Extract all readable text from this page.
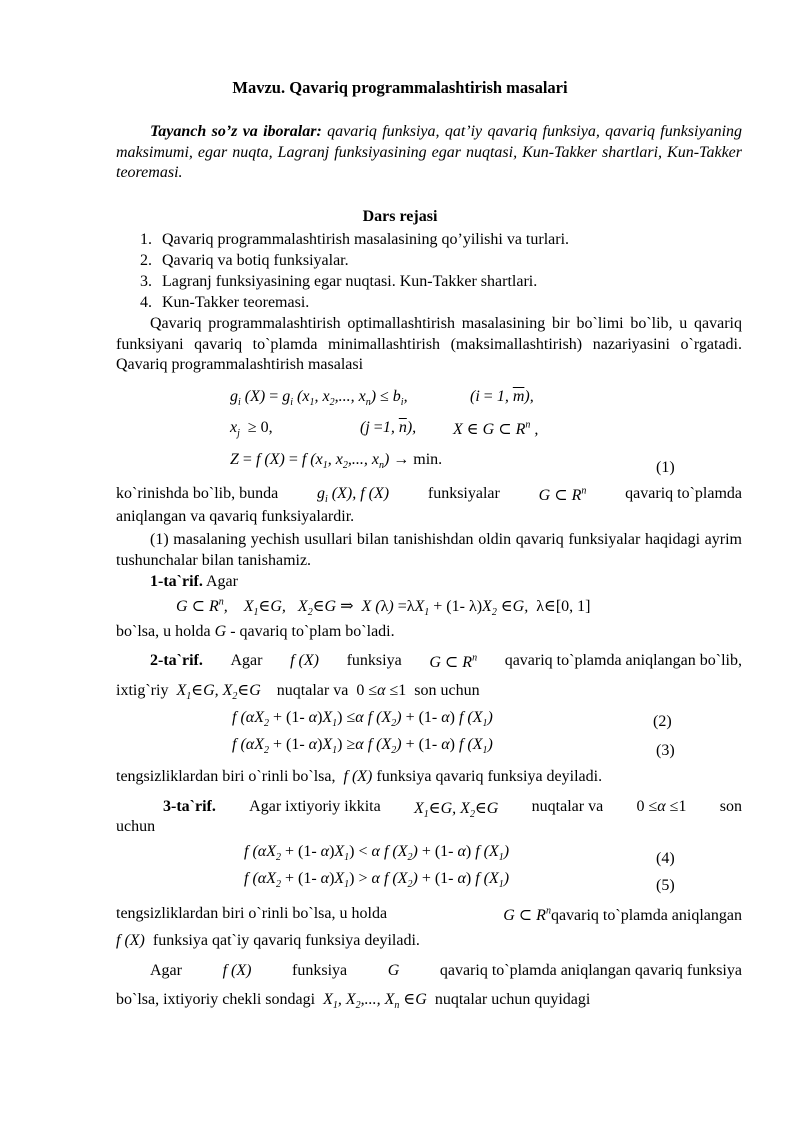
Mavzu. Qavariq programmalashtirish masalari
Tayanch so’z va iboralar: qavariq funksiya, qat’iy qavariq funksiya, qavariq funksiyaning maksimumi, egar nuqta, Lagranj funksiyasining egar nuqtasi, Kun-Takker shartlari, Kun-Takker teoremasi.
Dars rejasi
1. Qavariq programmalashtirish masalasining qo’yilishi va turlari.
2. Qavariq va botiq funksiyalar.
3. Lagranj funksiyasining egar nuqtasi. Kun-Takker shartlari.
4. Kun-Takker teoremasi.
Qavariq programmalashtirish optimallashtirish masalasining bir bo`limi bo`lib, u qavariq funksiyani qavariq to`plamda minimallashtirish (maksimallashtirish) nazariyasini o`rgatadi. Qavariq programmalashtirish masalasi
$g_i$ $(X) = g_i$ ($x_1$, $x_2$,..., $x_n) \le b_i$,	(i = 1, $\overline{m}$),
$x_j \ge 0$,	(j =1, $\overline{n}$), X ∈ G ⊂ $R^n$ ,
Z = f (X) = f ($x_1$, $x_2$,..., $x_n) \to \min$.	(1)
ko`rinishda bo`lib, bunda $g_i$ (X), f (X) funksiyalar G ⊂ $R^n$ qavariq to`plamda
aniqlangan va qavariq funksiyalardir.
(1) masalaning yechish usullari bilan tanishishdan oldin qavariq funksiyalar haqidagi ayrim tushunchalar bilan tanishamiz.
1-ta`rif. Agar
G ⊂ $R^n$,    $X_1\in G$,   $X_2\in G$ ⇒  X $(\lambda) =\lambda X_1 + (1-$ $\lambda)X_2$ ∈G,  λ∈[0, 1]
bo`lsa, u holda G - qavariq to`plam bo`ladi.
2-ta`rif. Agar f (X) funksiya G ⊂ $R^n$ qavariq to`plamda aniqlangan bo`lib,
ixtig`riy $X_1\in G$, $X_2\in G$ nuqtalar va 0 ≤α ≤1 son uchun
f ($\alpha X_2 + (1-$ $\alpha)X_1) \le\alpha$ f $(X_2) + (1-$ α) f $(X_1)$	(2)
f ($\alpha X_2 + (1-$ $\alpha)X_1) \ge\alpha$ f $(X_2) + (1-$ α) f $(X_1)$	(3)
tengsizliklardan biri o`rinli bo`lsa, f (X) funksiya qavariq funksiya deyiladi.
3-ta`rif. Agar ixtiyoriy ikkita $X_1\in G$, $X_2\in G$ nuqtalar va 0 ≤α ≤1 son
uchun
f ($\alpha X_2 + (1-$ $\alpha)X_1) < \alpha$ f $(X_2) + (1-$ α) f $(X_1)$	(4)
f ($\alpha X_2 + (1-$ $\alpha)X_1) > \alpha$ f $(X_2) + (1-$ α) f $(X_1)$	(5)
tengsizliklardan biri o`rinli bo`lsa, u holda	G ⊂ $R^nqavariq$ to`plamda aniqlangan
f (X) funksiya qat`iy qavariq funksiya deyiladi.
Agar	f (X)	funksiya	G	qavariq to`plamda aniqlangan qavariq funksiya
bo`lsa, ixtiyoriy chekli sondagi $X_1$, $X_2$,..., $X_n$ ∈G nuqtalar uchun quyidagi
